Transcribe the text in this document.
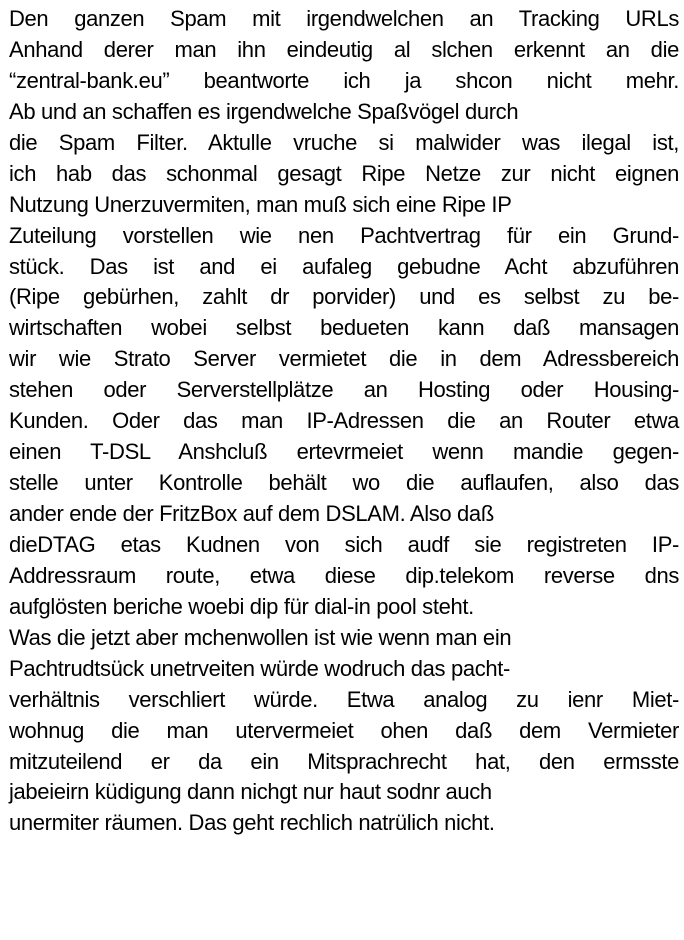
Den ganzen Spam mit irgendwelchen an Tracking URLs
Anhand derer man ihn eindeutig al slchen erkennt an die
“zentral-bank.eu” beantworte ich ja shcon nicht mehr.
Ab und an schaffen es irgendwelche Spaßvögel durch
die Spam Filter. Aktulle vruche si malwider was ilegal ist,
ich hab das schonmal gesagt Ripe Netze zur nicht eignen
Nutzung Unerzuvermiten, man muß sich eine Ripe IP
Zuteilung vorstellen wie nen Pachtvertrag für ein Grund-
stück. Das ist and ei aufaleg gebudne Acht abzuführen
(Ripe gebürhen, zahlt dr porvider) und es selbst zu be-
wirtschaften wobei selbst bedueten kann daß mansagen
wir wie Strato Server vermietet die in dem Adressbereich
stehen oder Serverstellplätze an Hosting oder Housing-
Kunden. Oder das man IP-Adressen die an Router etwa
einen T-DSL Anshcluß ertevrmeiet wenn mandie gegen-
stelle unter Kontrolle behält wo die auflaufen, also das
ander ende der FritzBox auf dem DSLAM. Also daß
dieDTAG etas Kudnen von sich audf sie registreten IP-
Addressraum route, etwa diese dip.telekom reverse dns
aufglösten beriche woebi dip für dial-in pool steht.
Was die jetzt aber mchenwollen ist wie wenn man ein
Pachtrudtsück unetrveiten würde wodruch das pacht-
verhältnis verschliert würde. Etwa analog zu ienr Miet-
wohnug die man utervermeiet ohen daß dem Vermieter
mitzuteilend er da ein Mitsprachrecht hat, den ermsste
jabeieirn küdigung dann nichgt nur haut sodnr auch
unermiter räumen. Das geht rechlich natrülich nicht.
